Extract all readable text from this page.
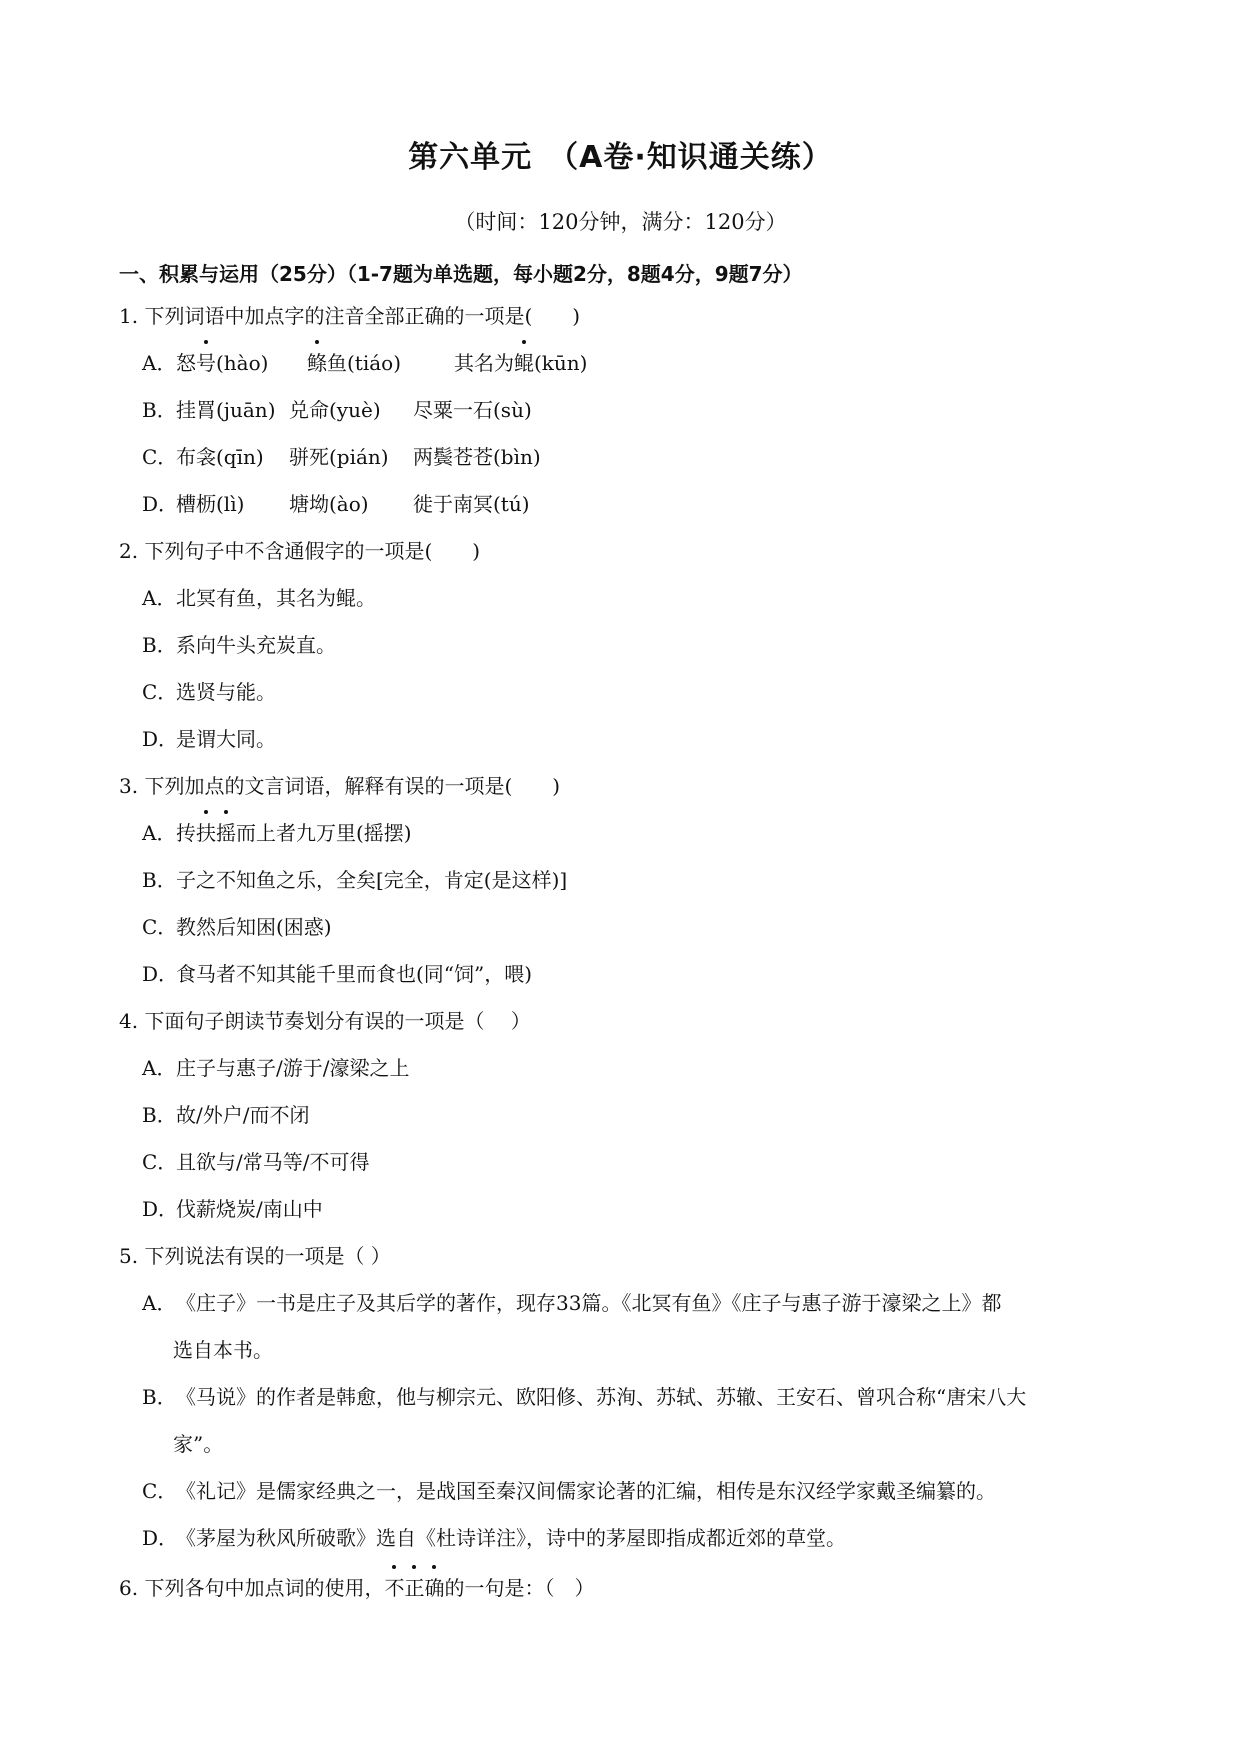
第六单元　（A卷·知识通关练）
（时间：120分钟，满分：120分）
一、积累与运用（25分）（1-7题为单选题，每小题2分，8题4分，9题7分）
1. 下列词语中加点字的注音全部正确的一项是(　　)
A．怒号(hào) 鲦鱼(tiáo)	其名为鲲(kūn)
B．挂罥(juān) 兑命(yuè) 尽粟一石(sù)
C．布衾(qīn) 骈死(pián) 两鬓苍苍(bìn)
D．槽枥(lì) 塘坳(ào) 徙于南冥(tú)
2. 下列句子中不含通假字的一项是(　　)
A．北冥有鱼，其名为鲲。
B．系向牛头充炭直。
C．选贤与能。
D．是谓大同。
3. 下列加点的文言词语，解释有误的一项是(　　)
A．抟扶摇而上者九万里(摇摆)
B．子之不知鱼之乐，全矣[完全，肯定(是这样)]
C．教然后知困(困惑)
D．食马者不知其能千里而食也(同“饲”，喂)
4. 下面句子朗读节奏划分有误的一项是（　 ）
A．庄子与惠子/游于/濠梁之上
B．故/外户/而不闭
C．且欲与/常马等/不可得
D．伐薪烧炭/南山中
5. 下列说法有误的一项是（ ）
A．《庄子》一书是庄子及其后学的著作，现存33篇。《北冥有鱼》《庄子与惠子游于濠梁之上》都
选自本书。
B．《马说》的作者是韩愈，他与柳宗元、欧阳修、苏洵、苏轼、苏辙、王安石、曾巩合称“唐宋八大
家”。
C．《礼记》是儒家经典之一，是战国至秦汉间儒家论著的汇编，相传是东汉经学家戴圣编纂的。
D．《茅屋为秋风所破歌》选自《杜诗详注》，诗中的茅屋即指成都近郊的草堂。
6. 下列各句中加点词的使用，不正确的一句是：（　）
